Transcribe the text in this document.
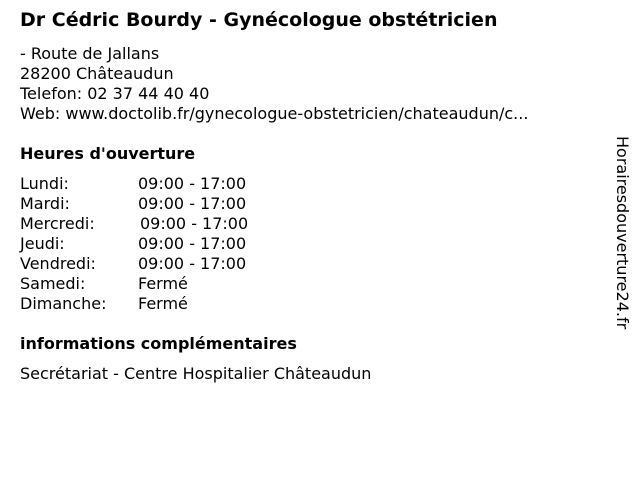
Dr Cédric Bourdy - Gynécologue obstétricien
- Route de Jallans
28200 Châteaudun
Telefon: 02 37 44 40 40
Web: www.doctolib.fr/gynecologue-obstetricien/chateaudun/c...
Heures d'ouverture
Lundi:	09:00 - 17:00
Mardi:	09:00 - 17:00
Mercredi:	09:00 - 17:00
Jeudi:	09:00 - 17:00
Vendredi:	09:00 - 17:00
Samedi:	Fermé
Dimanche: Fermé
informations complémentaires
Secrétariat - Centre Hospitalier Châteaudun
Horairesdouverture24.fr
